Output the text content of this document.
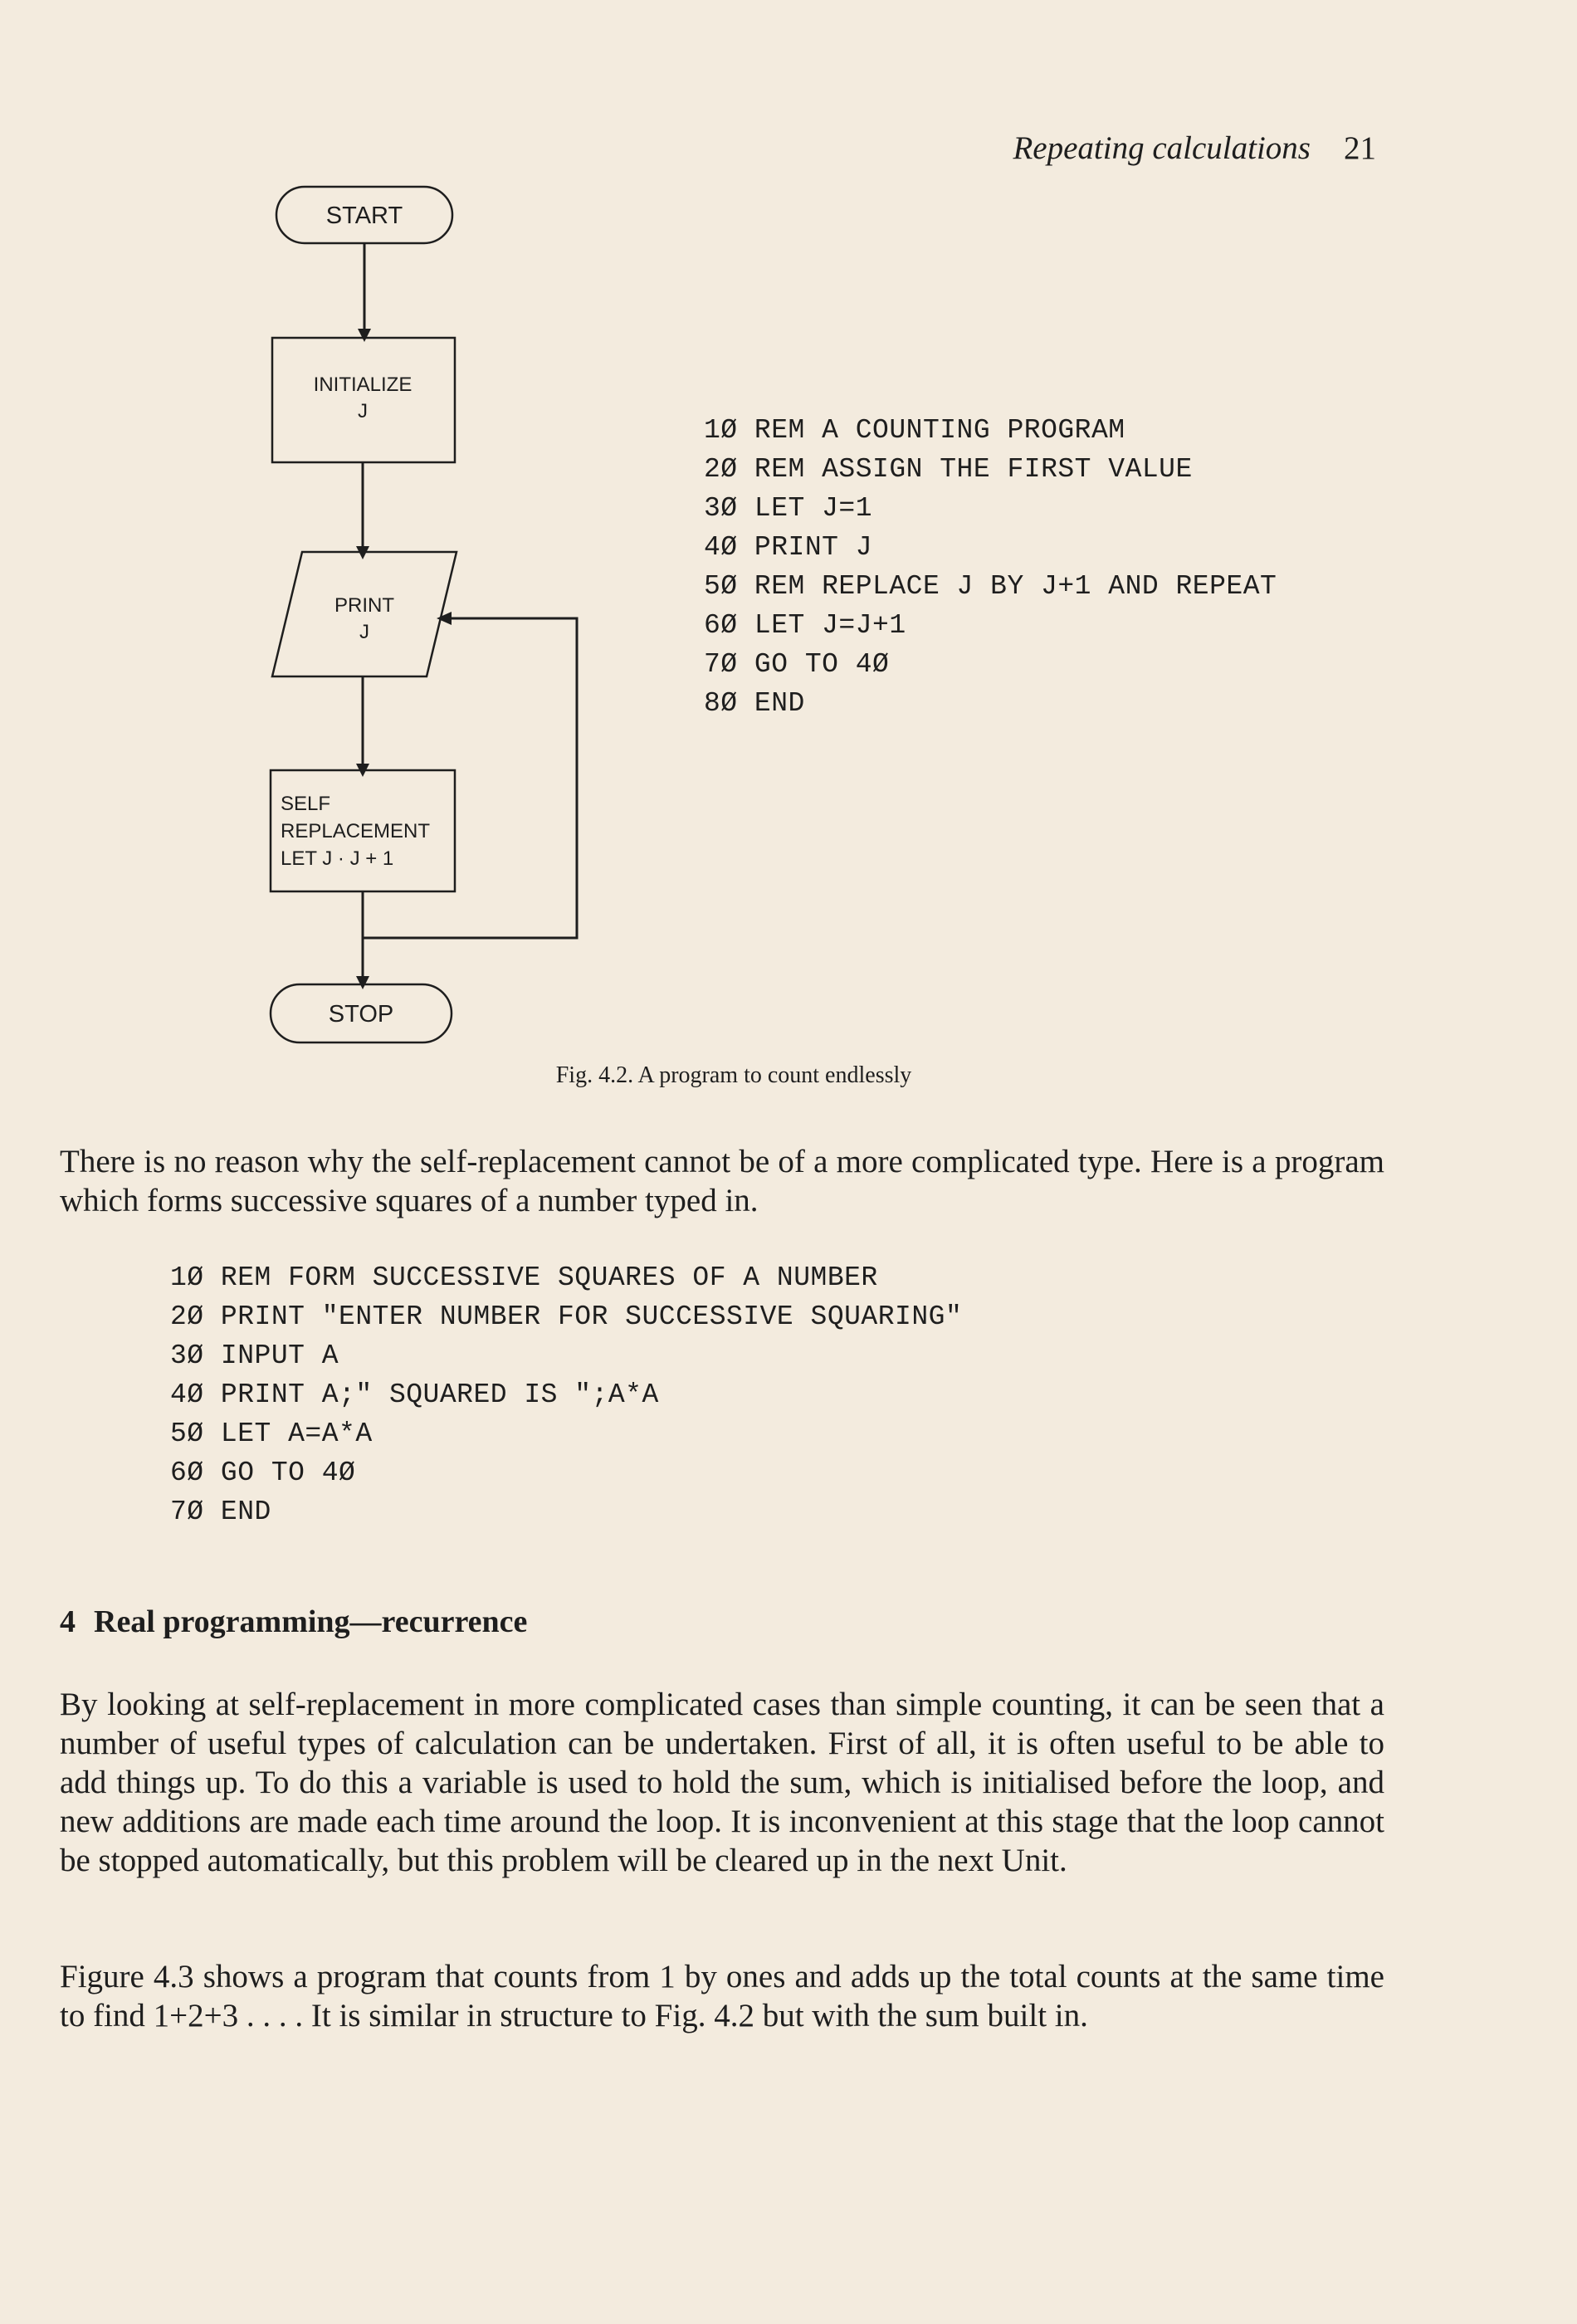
Repeating calculations 21
START
INITIALIZE
J
PRINT
J
SELF
REPLACEMENT
LET J · J + 1
STOP
1Ø REM A COUNTING PROGRAM
2Ø REM ASSIGN THE FIRST VALUE
3Ø LET J=1
4Ø PRINT J
5Ø REM REPLACE J BY J+1 AND REPEAT
6Ø LET J=J+1
7Ø GO TO 4Ø
8Ø END
Fig. 4.2. A program to count endlessly

There is no reason why the self-replacement cannot be of a more complicated type. Here is a program which forms successive squares of a number typed in.

1Ø REM FORM SUCCESSIVE SQUARES OF A NUMBER
2Ø PRINT "ENTER NUMBER FOR SUCCESSIVE SQUARING"
3Ø INPUT A
4Ø PRINT A;" SQUARED IS ";A*A
5Ø LET A=A*A
6Ø GO TO 4Ø
7Ø END
4 Real programming—recurrence

By looking at self-replacement in more complicated cases than simple counting, it can be seen that a number of useful types of calculation can be undertaken. First of all, it is often useful to be able to add things up. To do this a variable is used to hold the sum, which is initialised before the loop, and new additions are made each time around the loop. It is inconvenient at this stage that the loop cannot be stopped automatically, but this problem will be cleared up in the next Unit.

Figure 4.3 shows a program that counts from 1 by ones and adds up the total counts at the same time to find 1+2+3 . . . . It is similar in structure to Fig. 4.2 but with the sum built in.
